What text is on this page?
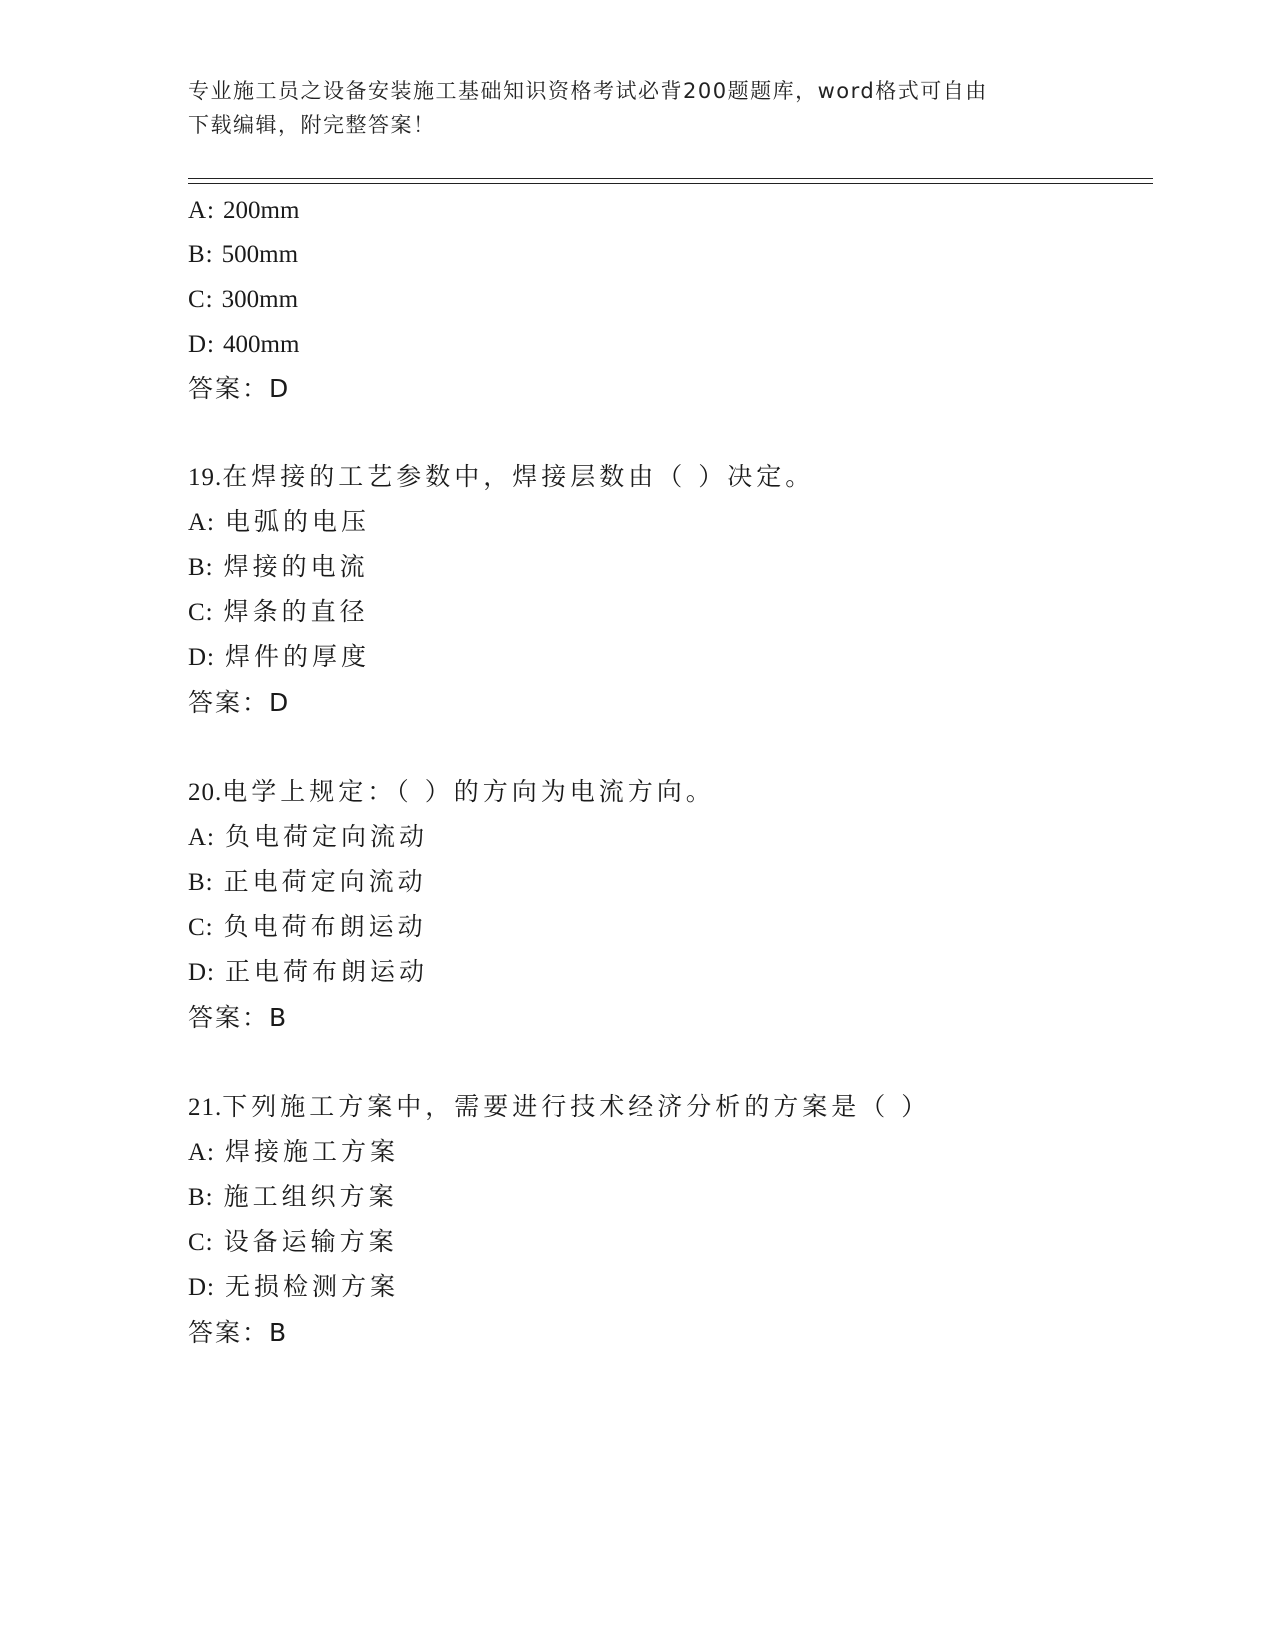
专业施工员之设备安装施工基础知识资格考试必背200题题库，word格式可自由
下载编辑，附完整答案！
A: 200mm
B: 500mm
C: 300mm
D: 400mm
答案：D
19.在焊接的工艺参数中，焊接层数由（ ）决定。
A: 电弧的电压
B: 焊接的电流
C: 焊条的直径
D: 焊件的厚度
答案：D
20.电学上规定：（ ）的方向为电流方向。
A: 负电荷定向流动
B: 正电荷定向流动
C: 负电荷布朗运动
D: 正电荷布朗运动
答案：B
21.下列施工方案中，需要进行技术经济分析的方案是（ ）
A: 焊接施工方案
B: 施工组织方案
C: 设备运输方案
D: 无损检测方案
答案：B
